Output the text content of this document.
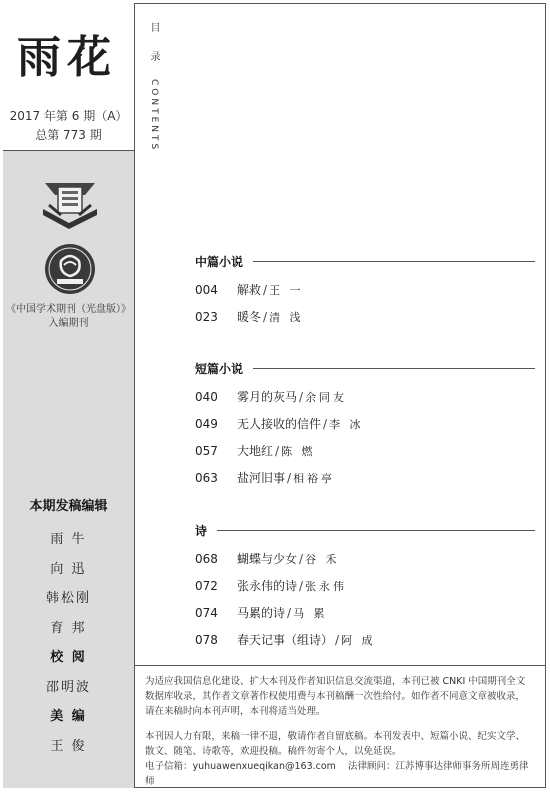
雨花
2017 年第 6 期（A）
总第 773 期
《中国学术期刊（光盘版）》
入编期刊
本期发稿编辑
雨 牛
向 迅
韩松刚
育 邦
校 阅
邵明波
美 编
王 俊
目 录
CONTENTS
中篇小说
004 解救 / 王 一
023 暖冬 / 清 浅
短篇小说
040 雾月的灰马 / 余同友
049 无人接收的信件 / 李 冰
057 大地红 / 陈 燃
063 盐河旧事 / 相裕亭
诗
068 蝴蝶与少女 / 谷 禾
072 张永伟的诗 / 张永伟
074 马累的诗 / 马 累
078 春天记事（组诗） / 阿 成

为适应我国信息化建设、扩大本刊及作者知识信息交流渠道，本刊已被 CNKI 中国期刊全文

数据库收录，其作者文章著作权使用费与本刊稿酬一次性给付。如作者不同意文章被收录，

请在来稿时向本刊声明，本刊将适当处理。

本刊因人力有限，来稿一律不退，敬请作者自留底稿。本刊发表中、短篇小说、纪实文学、

散文、随笔、诗歌等，欢迎投稿。稿件勿寄个人，以免延误。

电子信箱：yuhuawenxueqikan@163.com 法律顾问：江苏博事达律师事务所周连勇律师
